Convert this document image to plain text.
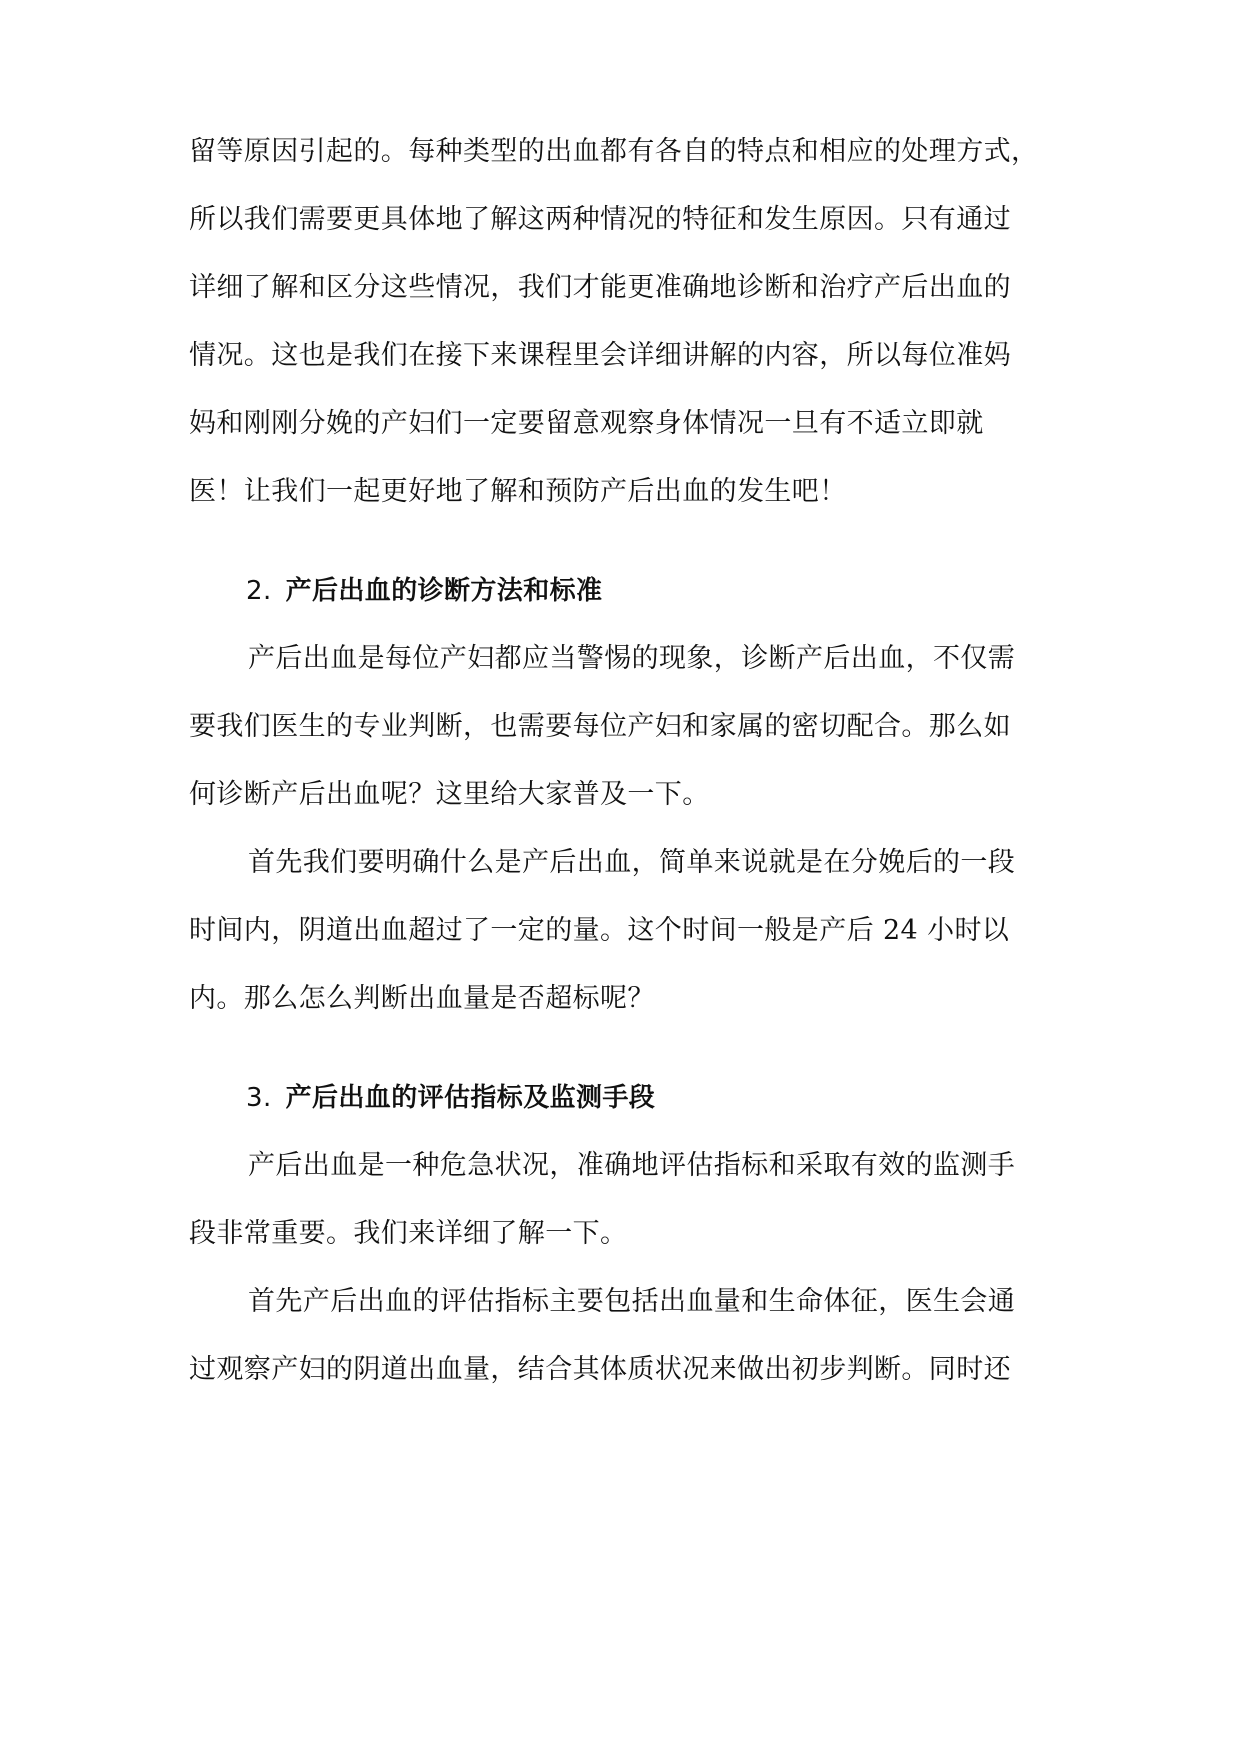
留等原因引起的。每种类型的出血都有各自的特点和相应的处理方式，
所以我们需要更具体地了解这两种情况的特征和发生原因。只有通过
详细了解和区分这些情况，我们才能更准确地诊断和治疗产后出血的
情况。这也是我们在接下来课程里会详细讲解的内容，所以每位准妈
妈和刚刚分娩的产妇们一定要留意观察身体情况一旦有不适立即就
医！让我们一起更好地了解和预防产后出血的发生吧！
2. 产后出血的诊断方法和标准
产后出血是每位产妇都应当警惕的现象，诊断产后出血，不仅需
要我们医生的专业判断，也需要每位产妇和家属的密切配合。那么如
何诊断产后出血呢？这里给大家普及一下。
首先我们要明确什么是产后出血，简单来说就是在分娩后的一段
时间内，阴道出血超过了一定的量。这个时间一般是产后 24 小时以
内。那么怎么判断出血量是否超标呢？
3. 产后出血的评估指标及监测手段
产后出血是一种危急状况，准确地评估指标和采取有效的监测手
段非常重要。我们来详细了解一下。
首先产后出血的评估指标主要包括出血量和生命体征，医生会通
过观察产妇的阴道出血量，结合其体质状况来做出初步判断。同时还
